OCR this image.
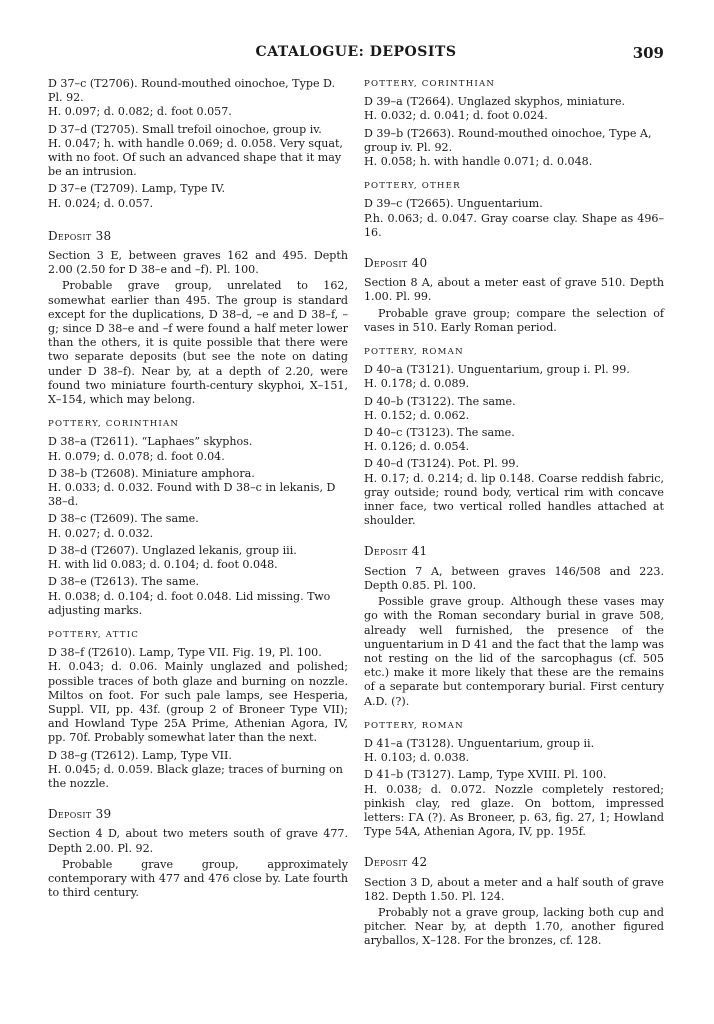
CATALOGUE: DEPOSITS	309

D 37–c (T2706). Round-mouthed oinochoe, Type D. Pl. 92.

H. 0.097; d. 0.082; d. foot 0.057.

D 37–d (T2705). Small trefoil oinochoe, group iv.

H. 0.047; h. with handle 0.069; d. 0.058. Very squat, with no foot. Of such an advanced shape that it may be an intrusion.

D 37–e (T2709). Lamp, Type IV.

H. 0.024; d. 0.057.

Deposit 38

Section 3 E, between graves 162 and 495. Depth 2.00 (2.50 for D 38–e and –f). Pl. 100.

Probable grave group, unrelated to 162, somewhat earlier than 495. The group is standard except for the duplications, D 38–d, –e and D 38–f, –g; since D 38–e and –f were found a half meter lower than the others, it is quite possible that there were two separate deposits (but see the note on dating under D 38–f). Near by, at a depth of 2.20, were found two miniature fourth-century skyphoi, X–151, X–154, which may belong.

POTTERY, CORINTHIAN

D 38–a (T2611). “Laphaes” skyphos.

H. 0.079; d. 0.078; d. foot 0.04.

D 38–b (T2608). Miniature amphora.

H. 0.033; d. 0.032. Found with D 38–c in lekanis, D 38–d.

D 38–c (T2609). The same.

H. 0.027; d. 0.032.

D 38–d (T2607). Unglazed lekanis, group iii.

H. with lid 0.083; d. 0.104; d. foot 0.048.

D 38–e (T2613). The same.

H. 0.038; d. 0.104; d. foot 0.048. Lid missing. Two adjusting marks.

POTTERY, ATTIC

D 38–f (T2610). Lamp, Type VII. Fig. 19, Pl. 100.

H. 0.043; d. 0.06. Mainly unglazed and polished; possible traces of both glaze and burning on nozzle. Miltos on foot. For such pale lamps, see Hesperia, Suppl. VII, pp. 43f. (group 2 of Broneer Type VII); and Howland Type 25A Prime, Athenian Agora, IV, pp. 70f. Probably somewhat later than the next.

D 38–g (T2612). Lamp, Type VII.

H. 0.045; d. 0.059. Black glaze; traces of burning on the nozzle.

Deposit 39

Section 4 D, about two meters south of grave 477. Depth 2.00. Pl. 92.

Probable grave group, approximately contemporary with 477 and 476 close by. Late fourth to third century.

POTTERY, CORINTHIAN

D 39–a (T2664). Unglazed skyphos, miniature.

H. 0.032; d. 0.041; d. foot 0.024.

D 39–b (T2663). Round-mouthed oinochoe, Type A, group iv. Pl. 92.

H. 0.058; h. with handle 0.071; d. 0.048.

POTTERY, OTHER

D 39–c (T2665). Unguentarium.

P.h. 0.063; d. 0.047. Gray coarse clay. Shape as 496–16.

Deposit 40

Section 8 A, about a meter east of grave 510. Depth 1.00. Pl. 99.

Probable grave group; compare the selection of vases in 510. Early Roman period.

POTTERY, ROMAN

D 40–a (T3121). Unguentarium, group i. Pl. 99.

H. 0.178; d. 0.089.

D 40–b (T3122). The same.

H. 0.152; d. 0.062.

D 40–c (T3123). The same.

H. 0.126; d. 0.054.

D 40–d (T3124). Pot. Pl. 99.

H. 0.17; d. 0.214; d. lip 0.148. Coarse reddish fabric, gray outside; round body, vertical rim with concave inner face, two vertical rolled handles attached at shoulder.

Deposit 41

Section 7 A, between graves 146/508 and 223. Depth 0.85. Pl. 100.

Possible grave group. Although these vases may go with the Roman secondary burial in grave 508, already well furnished, the presence of the unguentarium in D 41 and the fact that the lamp was not resting on the lid of the sarcophagus (cf. 505 etc.) make it more likely that these are the remains of a separate but contemporary burial. First century A.D. (?).

POTTERY, ROMAN

D 41–a (T3128). Unguentarium, group ii.

H. 0.103; d. 0.038.

D 41–b (T3127). Lamp, Type XVIII. Pl. 100.

H. 0.038; d. 0.072. Nozzle completely restored; pinkish clay, red glaze. On bottom, impressed letters: ΓΑ (?). As Broneer, p. 63, fig. 27, 1; Howland Type 54A, Athenian Agora, IV, pp. 195f.

Deposit 42

Section 3 D, about a meter and a half south of grave 182. Depth 1.50. Pl. 124.

Probably not a grave group, lacking both cup and pitcher. Near by, at depth 1.70, another figured aryballos, X–128. For the bronzes, cf. 128.
